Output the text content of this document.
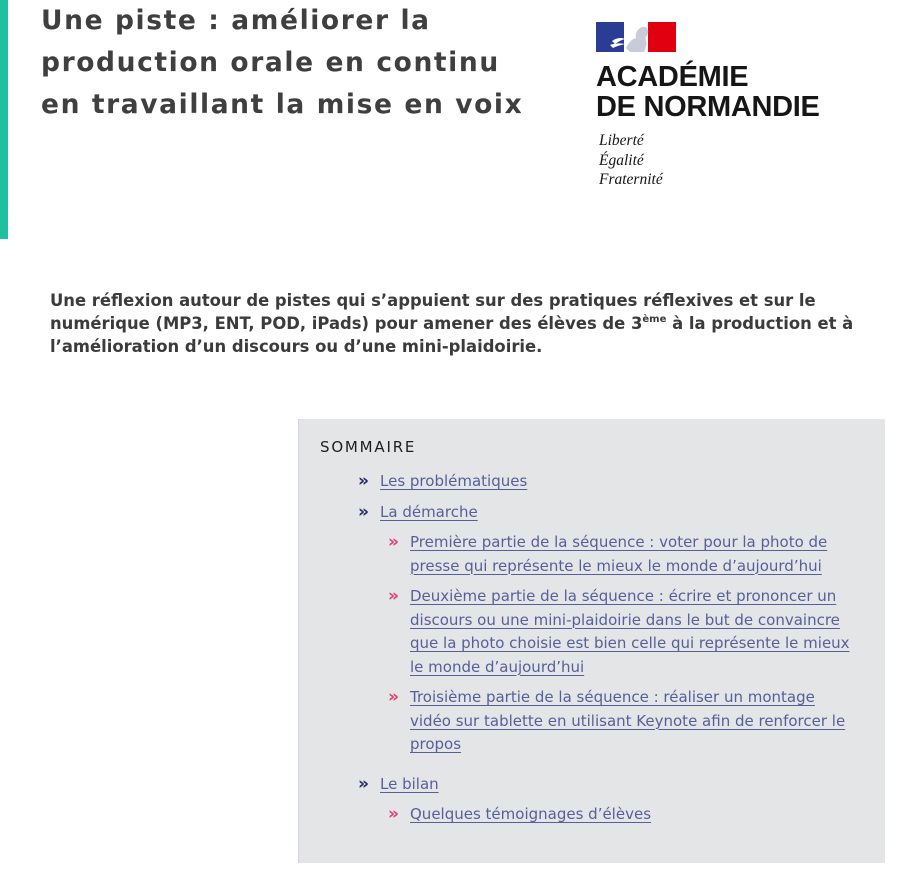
Une piste : améliorer la
production orale en continu
en travaillant la mise en voix
ACADÉMIE
DE NORMANDIE

Liberté
Égalité
Fraternité

Une réflexion autour de pistes qui s’appuient sur des pratiques réflexives et sur le numérique (MP3, ENT, POD, iPads) pour amener des élèves de 3ème à la production et à l’amélioration d’un discours ou d’une mini-plaidoirie.

SOMMAIRE
» Les problématiques
» La démarche
» Première partie de la séquence : voter pour la photo de presse qui représente le mieux le monde d’aujourd’hui
» Deuxième partie de la séquence : écrire et prononcer un discours ou une mini-plaidoirie dans le but de convaincre que la photo choisie est bien celle qui représente le mieux le monde d’aujourd’hui
» Troisième partie de la séquence : réaliser un montage vidéo sur tablette en utilisant Keynote afin de renforcer le propos
» Le bilan
» Quelques témoignages d’élèves
